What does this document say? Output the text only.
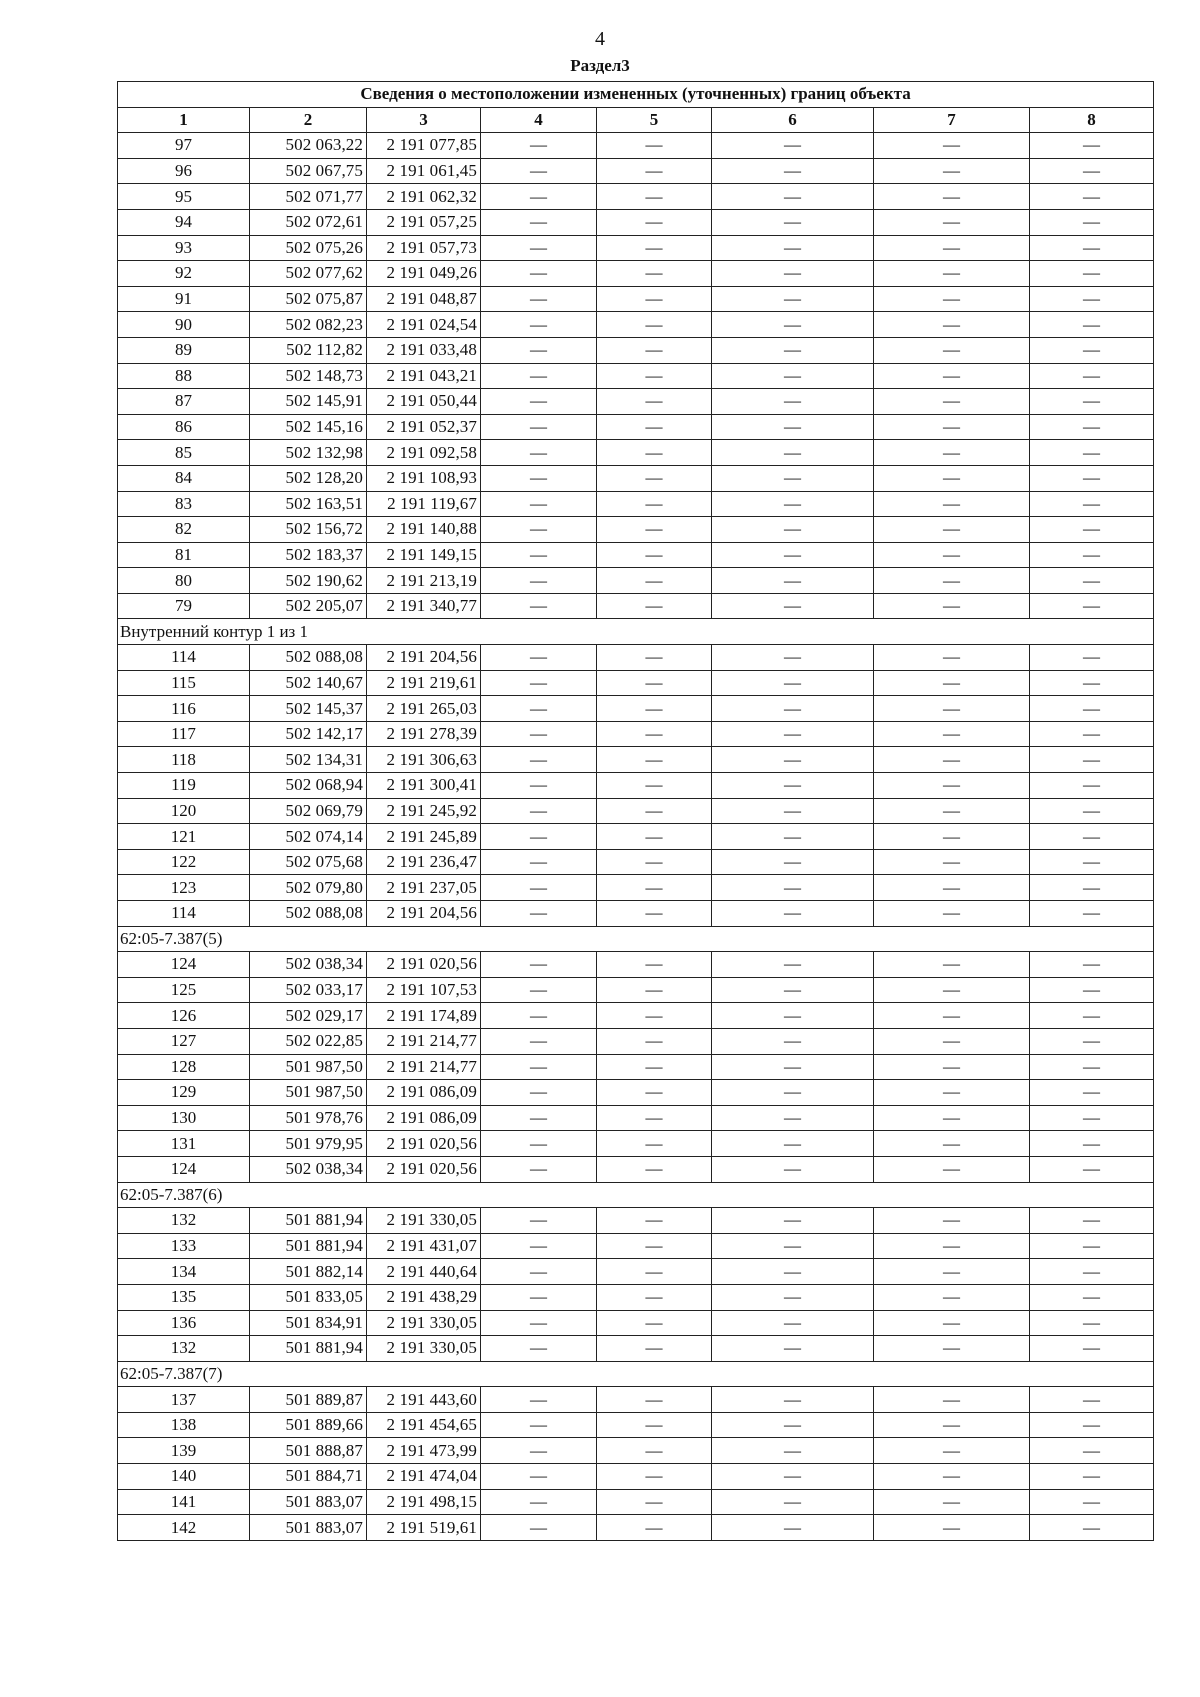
4
Раздел3
Сведения о местоположении измененных (уточненных) границ объекта							
1	2	3	4	5	6	7	8
97	502 063,22	2 191 077,85	—	—	—	—	—
96	502 067,75	2 191 061,45	—	—	—	—	—
95	502 071,77	2 191 062,32	—	—	—	—	—
94	502 072,61	2 191 057,25	—	—	—	—	—
93	502 075,26	2 191 057,73	—	—	—	—	—
92	502 077,62	2 191 049,26	—	—	—	—	—
91	502 075,87	2 191 048,87	—	—	—	—	—
90	502 082,23	2 191 024,54	—	—	—	—	—
89	502 112,82	2 191 033,48	—	—	—	—	—
88	502 148,73	2 191 043,21	—	—	—	—	—
87	502 145,91	2 191 050,44	—	—	—	—	—
86	502 145,16	2 191 052,37	—	—	—	—	—
85	502 132,98	2 191 092,58	—	—	—	—	—
84	502 128,20	2 191 108,93	—	—	—	—	—
83	502 163,51	2 191 119,67	—	—	—	—	—
82	502 156,72	2 191 140,88	—	—	—	—	—
81	502 183,37	2 191 149,15	—	—	—	—	—
80	502 190,62	2 191 213,19	—	—	—	—	—
79	502 205,07	2 191 340,77	—	—	—	—	—
Внутренний контур 1 из 1							
114	502 088,08	2 191 204,56	—	—	—	—	—
115	502 140,67	2 191 219,61	—	—	—	—	—
116	502 145,37	2 191 265,03	—	—	—	—	—
117	502 142,17	2 191 278,39	—	—	—	—	—
118	502 134,31	2 191 306,63	—	—	—	—	—
119	502 068,94	2 191 300,41	—	—	—	—	—
120	502 069,79	2 191 245,92	—	—	—	—	—
121	502 074,14	2 191 245,89	—	—	—	—	—
122	502 075,68	2 191 236,47	—	—	—	—	—
123	502 079,80	2 191 237,05	—	—	—	—	—
114	502 088,08	2 191 204,56	—	—	—	—	—
62:05-7.387(5)							
124	502 038,34	2 191 020,56	—	—	—	—	—
125	502 033,17	2 191 107,53	—	—	—	—	—
126	502 029,17	2 191 174,89	—	—	—	—	—
127	502 022,85	2 191 214,77	—	—	—	—	—
128	501 987,50	2 191 214,77	—	—	—	—	—
129	501 987,50	2 191 086,09	—	—	—	—	—
130	501 978,76	2 191 086,09	—	—	—	—	—
131	501 979,95	2 191 020,56	—	—	—	—	—
124	502 038,34	2 191 020,56	—	—	—	—	—
62:05-7.387(6)							
132	501 881,94	2 191 330,05	—	—	—	—	—
133	501 881,94	2 191 431,07	—	—	—	—	—
134	501 882,14	2 191 440,64	—	—	—	—	—
135	501 833,05	2 191 438,29	—	—	—	—	—
136	501 834,91	2 191 330,05	—	—	—	—	—
132	501 881,94	2 191 330,05	—	—	—	—	—
62:05-7.387(7)							
137	501 889,87	2 191 443,60	—	—	—	—	—
138	501 889,66	2 191 454,65	—	—	—	—	—
139	501 888,87	2 191 473,99	—	—	—	—	—
140	501 884,71	2 191 474,04	—	—	—	—	—
141	501 883,07	2 191 498,15	—	—	—	—	—
142	501 883,07	2 191 519,61	—	—	—	—	—
